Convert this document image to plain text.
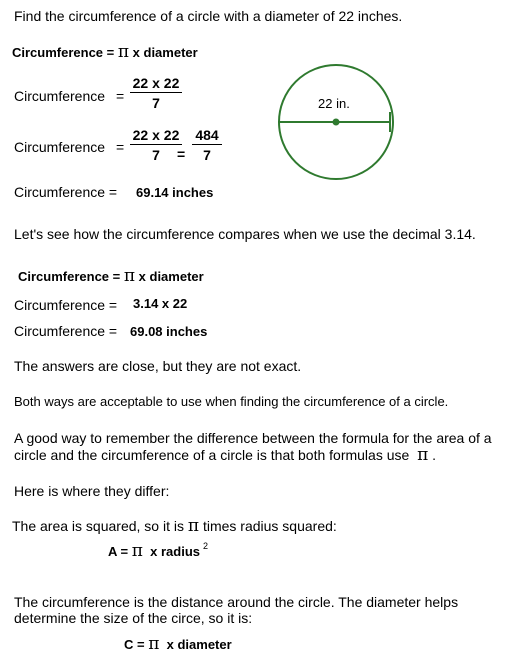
Find the circumference of a circle with a diameter of 22 inches.
Circumference = π x diameter
Circumference = $\frac{22 x 22}{7}$
Circumference = $\frac{22 x 22}{7}$
= $\frac{484}{7}$
22 in.
Circumference = 69.14 inches
Let's see how the circumference compares when we use the decimal 3.14.
Circumference = π x diameter
Circumference = 3.14 x 22
Circumference = 69.08 inches
The answers are close, but they are not exact.
Both ways are acceptable to use when finding the circumference of a circle.
A good way to remember the difference between the formula for the area of a
circle and the circumference of a circle is that both formulas use π .
Here is where they differ:
The area is squared, so it is π times radius squared:
A = π  x radius $^2$
The circumference is the distance around the circle. The diameter helps
determine the size of the circe, so it is:
C = π  x diameter
